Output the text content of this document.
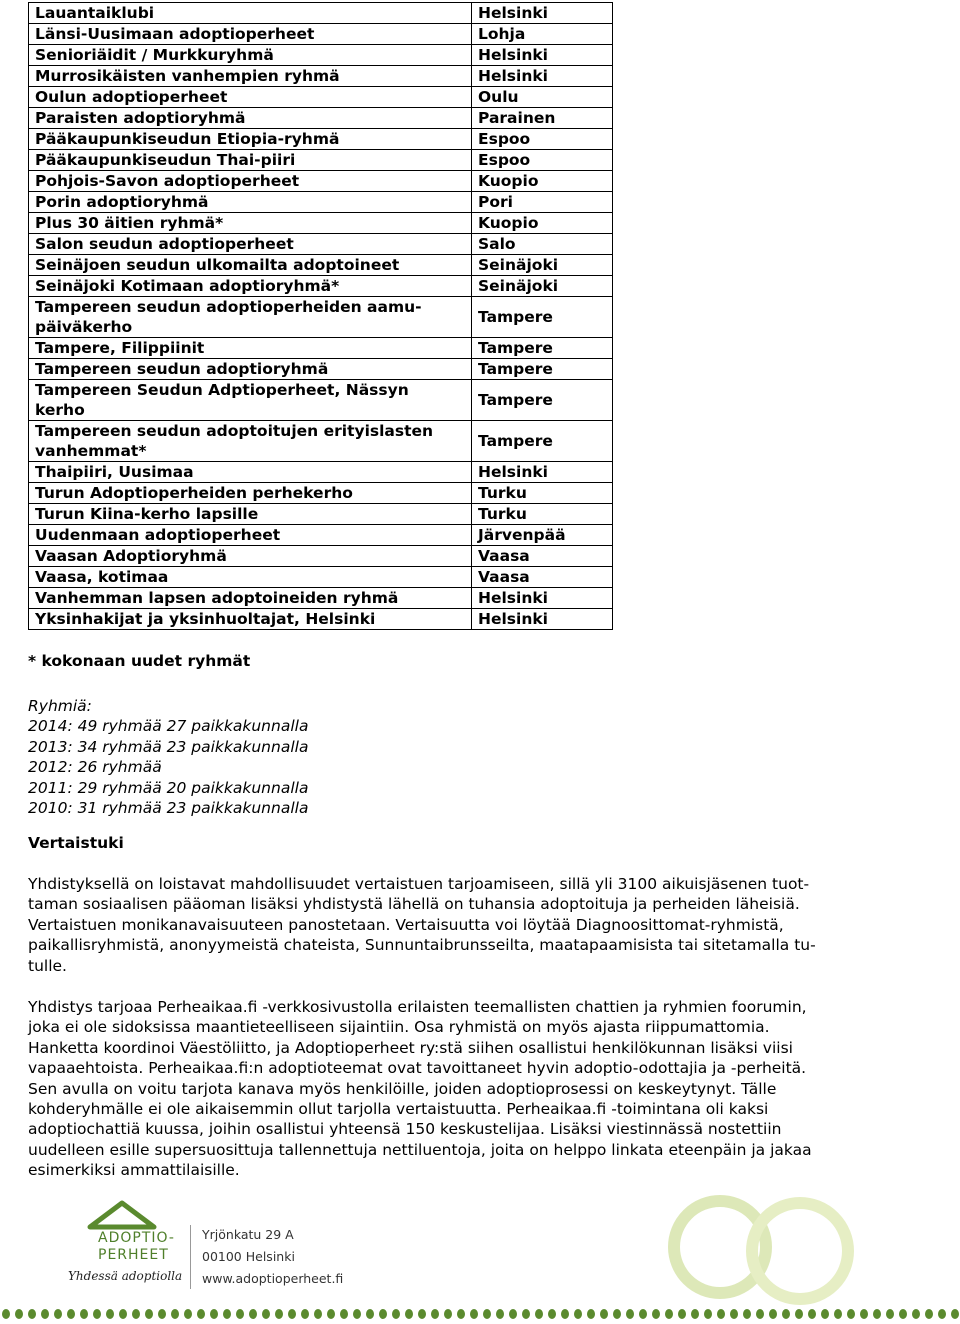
Lauantaiklubi	Helsinki

Länsi-Uusimaan adoptioperheet	Lohja

Senioriäidit / Murkkuryhmä	Helsinki

Murrosikäisten vanhempien ryhmä	Helsinki

Oulun adoptioperheet	Oulu

Paraisten adoptioryhmä	Parainen

Pääkaupunkiseudun Etiopia-ryhmä	Espoo

Pääkaupunkiseudun Thai-piiri	Espoo

Pohjois-Savon adoptioperheet	Kuopio

Porin adoptioryhmä	Pori

Plus 30 äitien ryhmä*	Kuopio

Salon seudun adoptioperheet	Salo

Seinäjoen seudun ulkomailta adoptoineet	Seinäjoki

Seinäjoki Kotimaan adoptioryhmä*	Seinäjoki

Tampereen seudun adoptioperheiden aamu-
päiväkerho	Tampere

Tampere, Filippiinit	Tampere

Tampereen seudun adoptioryhmä	Tampere

Tampereen Seudun Adptioperheet, Nässyn
kerho	Tampere

Tampereen seudun adoptoitujen erityislasten
vanhemmat*	Tampere

Thaipiiri, Uusimaa	Helsinki

Turun Adoptioperheiden perhekerho	Turku

Turun Kiina-kerho lapsille	Turku

Uudenmaan adoptioperheet	Järvenpää

Vaasan Adoptioryhmä	Vaasa

Vaasa, kotimaa	Vaasa

Vanhemman lapsen adoptoineiden ryhmä	Helsinki

Yksinhakijat ja yksinhuoltajat, Helsinki	Helsinki
* kokonaan uudet ryhmät
Ryhmiä:
2014: 49 ryhmää 27 paikkakunnalla
2013: 34 ryhmää 23 paikkakunnalla
2012: 26 ryhmää
2011: 29 ryhmää 20 paikkakunnalla
2010: 31 ryhmää 23 paikkakunnalla
Vertaistuki
Yhdistyksellä on loistavat mahdollisuudet vertaistuen tarjoamiseen, sillä yli 3100 aikuisjäsenen tuot-
taman sosiaalisen pääoman lisäksi yhdistystä lähellä on tuhansia adoptoituja ja perheiden läheisiä.
Vertaistuen monikanavaisuuteen panostetaan. Vertaisuutta voi löytää Diagnoosittomat-ryhmistä,
paikallisryhmistä, anonyymeistä chateista, Sunnuntaibrunsseilta, maatapaamisista tai sitetamalla tu-
tulle.
Yhdistys tarjoaa Perheaikaa.fi -verkkosivustolla erilaisten teemallisten chattien ja ryhmien foorumin,
joka ei ole sidoksissa maantieteelliseen sijaintiin. Osa ryhmistä on myös ajasta riippumattomia.
Hanketta koordinoi Väestöliitto, ja Adoptioperheet ry:stä siihen osallistui henkilökunnan lisäksi viisi
vapaaehtoista. Perheaikaa.fi:n adoptioteemat ovat tavoittaneet hyvin adoptio-odottajia ja -perheitä.
Sen avulla on voitu tarjota kanava myös henkilöille, joiden adoptioprosessi on keskeytynyt. Tälle
kohderyhmälle ei ole aikaisemmin ollut tarjolla vertaistuutta. Perheaikaa.fi -toimintana oli kaksi
adoptiochattiä kuussa, joihin osallistui yhteensä 150 keskustelijaa. Lisäksi viestinnässä nostettiin
uudelleen esille supersuosittuja tallennettuja nettiluentoja, joita on helppo linkata eteenpäin ja jakaa
esimerkiksi ammattilaisille.
ADOPTIO-
PERHEET
Yhdessä adoptiolla
Yrjönkatu 29 A
00100 Helsinki
www.adoptioperheet.fi
